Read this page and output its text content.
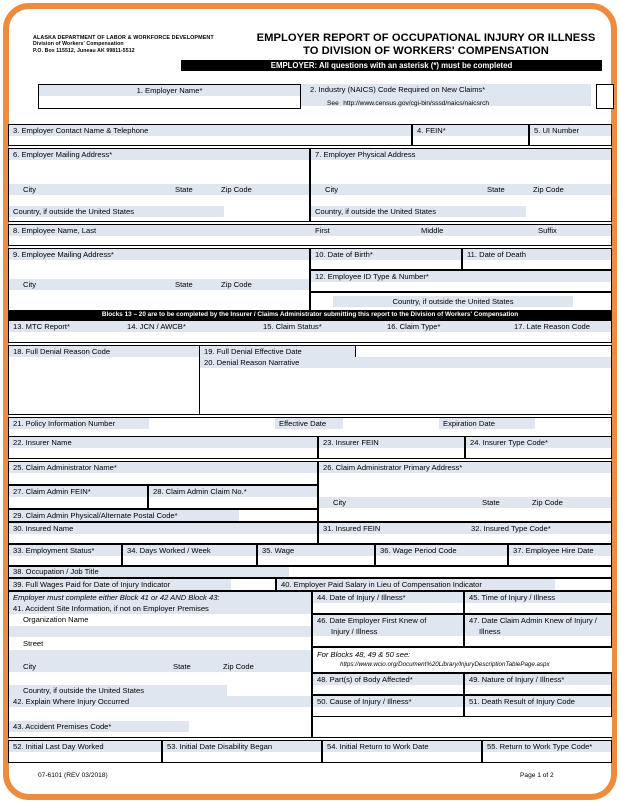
ALASKA DEPARTMENT OF LABOR & WORKFORCE DEVELOPMENT
Division of Workers' Compensation
P.O. Box 115512, Juneau AK 99811-5512
EMPLOYER REPORT OF OCCUPATIONAL INJURY OR ILLNESS
TO DIVISION OF WORKERS' COMPENSATION
EMPLOYER: All questions with an asterisk (*) must be completed
1. Employer Name*	2. Industry (NAICS) Code Required on New Claims*
See http://www.census.gov/cgi-bin/sssd/naics/naicsrch
3. Employer Contact Name & Telephone	4. FEIN*	5. UI Number
6. Employer Mailing Address*
City	State	Zip Code
Country, if outside the United States
7. Employer Physical Address
City	State	Zip Code
Country, if outside the United States
8. Employee Name, Last	First	Middle	Suffix
9. Employee Mailing Address*
City	State	Zip Code
10. Date of Birth*	11. Date of Death
12. Employee ID Type & Number*
Country, if outside the United States
Blocks 13 – 20 are to be completed by the Insurer / Claims Administrator submitting this report to the Division of Workers' Compensation
13. MTC Report*	14. JCN / AWCB*	15. Claim Status*	16. Claim Type*	17. Late Reason Code
18. Full Denial Reason Code	19. Full Denial Effective Date
20. Denial Reason Narrative
21. Policy Information Number	Effective Date	Expiration Date
22. Insurer Name	23. Insurer FEIN	24. Insurer Type Code*
25. Claim Administrator Name*
27. Claim Admin FEIN*	28. Claim Admin Claim No.*
29. Claim Admin Physical/Alternate Postal Code*
26. Claim Administrator Primary Address*
City	State	Zip Code
30. Insured Name	31. Insured FEIN	32. Insured Type Code*
33. Employment Status*	34. Days Worked / Week	35. Wage	36. Wage Period Code	37. Employee Hire Date
38. Occupation / Job Title
39. Full Wages Paid for Date of Injury Indicator	40. Employer Paid Salary in Lieu of Compensation Indicator
Employer must complete either Block 41 or 42 AND Block 43:
41. Accident Site Information, if not on Employer Premises
Organization Name
Street
City	State	Zip Code
Country, if outside the United States
42. Explain Where Injury Occurred
43. Accident Premises Code*
44. Date of Injury / Illness*	45. Time of Injury / Illness
46. Date Employer First Knew of
Injury / Illness
47. Date Claim Admin Knew of Injury /
Illness
For Blocks 48, 49 & 50 see:
https://www.wcio.org/Document%20Library/InjuryDescriptionTablePage.aspx
48. Part(s) of Body Affected*	49. Nature of Injury / Illness*
50. Cause of Injury / Illness*	51. Death Result of Injury Code
52. Initial Last Day Worked	53. Initial Date Disability Began	54. Initial Return to Work Date	55. Return to Work Type Code*
07-6101 (REV 03/2018)	Page 1 of 2
